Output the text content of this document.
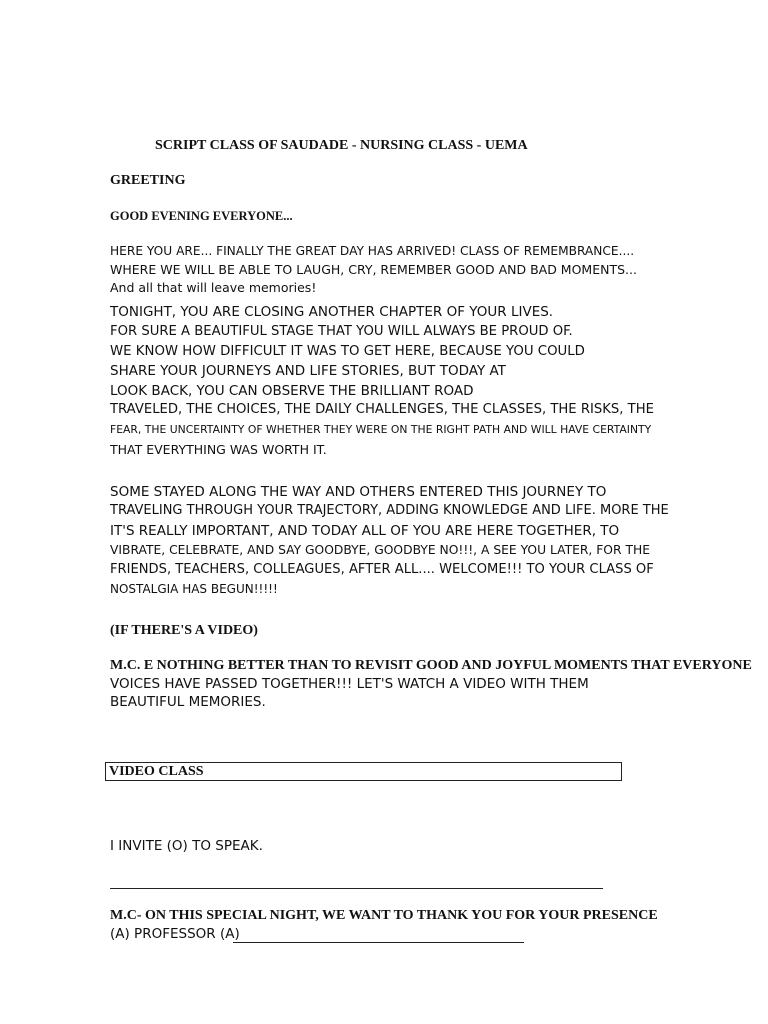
SCRIPT CLASS OF SAUDADE - NURSING CLASS - UEMA
GREETING
GOOD EVENING EVERYONE...
HERE YOU ARE... FINALLY THE GREAT DAY HAS ARRIVED! CLASS OF REMEMBRANCE....
WHERE WE WILL BE ABLE TO LAUGH, CRY, REMEMBER GOOD AND BAD MOMENTS...
And all that will leave memories!
TONIGHT, YOU ARE CLOSING ANOTHER CHAPTER OF YOUR LIVES.
FOR SURE A BEAUTIFUL STAGE THAT YOU WILL ALWAYS BE PROUD OF.
WE KNOW HOW DIFFICULT IT WAS TO GET HERE, BECAUSE YOU COULD
SHARE YOUR JOURNEYS AND LIFE STORIES, BUT TODAY AT
LOOK BACK, YOU CAN OBSERVE THE BRILLIANT ROAD
TRAVELED, THE CHOICES, THE DAILY CHALLENGES, THE CLASSES, THE RISKS, THE
FEAR, THE UNCERTAINTY OF WHETHER THEY WERE ON THE RIGHT PATH AND WILL HAVE CERTAINTY
THAT EVERYTHING WAS WORTH IT.
SOME STAYED ALONG THE WAY AND OTHERS ENTERED THIS JOURNEY TO
TRAVELING THROUGH YOUR TRAJECTORY, ADDING KNOWLEDGE AND LIFE. MORE THE
IT'S REALLY IMPORTANT, AND TODAY ALL OF YOU ARE HERE TOGETHER, TO
VIBRATE, CELEBRATE, AND SAY GOODBYE, GOODBYE NO!!!, A SEE YOU LATER, FOR THE
FRIENDS, TEACHERS, COLLEAGUES, AFTER ALL.... WELCOME!!! TO YOUR CLASS OF
NOSTALGIA HAS BEGUN!!!!!
(IF THERE'S A VIDEO)
M.C. E NOTHING BETTER THAN TO REVISIT GOOD AND JOYFUL MOMENTS THAT EVERYONE
VOICES HAVE PASSED TOGETHER!!! LET'S WATCH A VIDEO WITH THEM
BEAUTIFUL MEMORIES.
VIDEO CLASS
I INVITE (O) TO SPEAK.
M.C- ON THIS SPECIAL NIGHT, WE WANT TO THANK YOU FOR YOUR PRESENCE
(A) PROFESSOR (A)
